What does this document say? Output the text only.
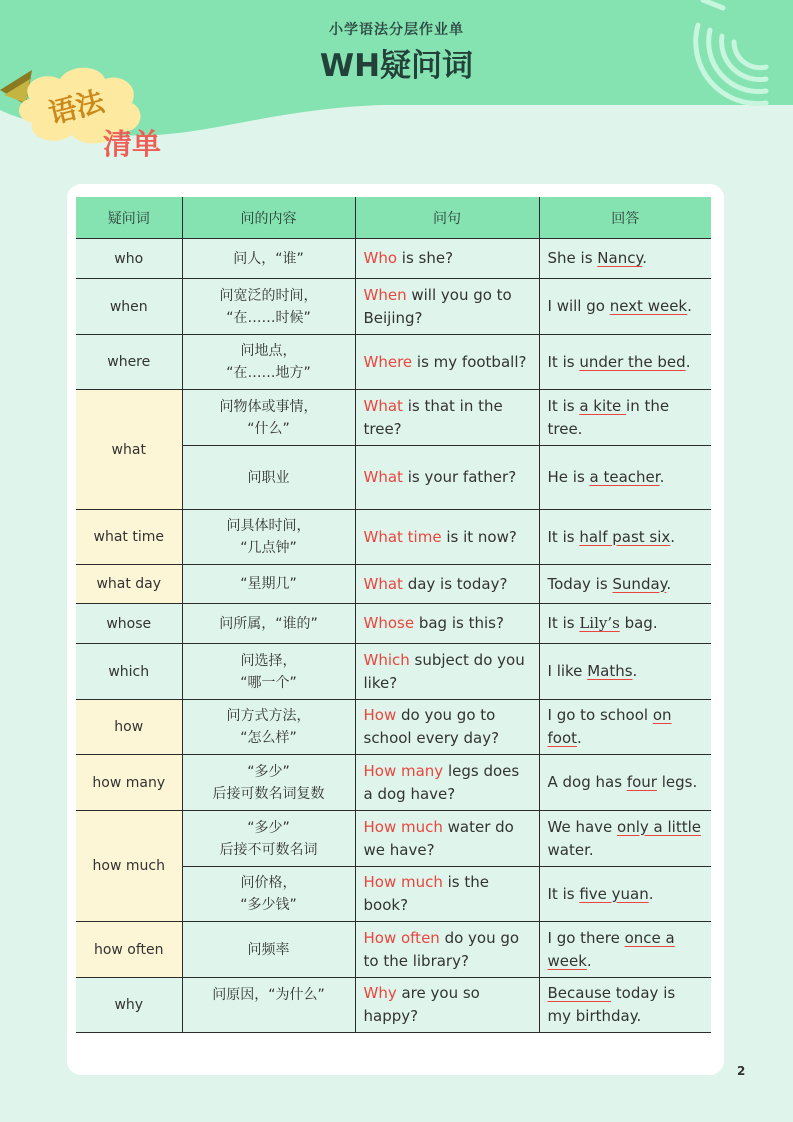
小学语法分层作业单
WH疑问词
语法
清单
疑问词	问的内容	问句	回答
who	问人，“谁”	Who is she?	She is Nancy.
when	问宽泛的时间，
“在……时候”	When will you go to Beijing?	I will go next week.
where	问地点，
“在……地方”	Where is my football?	It is under the bed.
what	问物体或事情，
“什么”	What is that in the tree?	It is a kite in the tree.
	问职业	What is your father?	He is a teacher.
what time	问具体时间，
“几点钟”	What time is it now?	It is half past six.
what day	“星期几”	What day is today?	Today is Sunday.
whose	问所属，“谁的”	Whose bag is this?	It is Lily’s bag.
which	问选择，
“哪一个”	Which subject do you like?	I like Maths.
how	问方式方法，
“怎么样”	How do you go to school every day?	I go to school on foot.
how many	“多少”
后接可数名词复数	How many legs does a dog have?	A dog has four legs.
how much	“多少”
后接不可数名词	How much water do we have?	We have only a little water.
	问价格，
“多少钱”	How much is the book?	It is five yuan.
how often	问频率	How often do you go to the library?	I go there once a week.
why	问原因，“为什么”	Why are you so happy?	Because today is my birthday.
2
